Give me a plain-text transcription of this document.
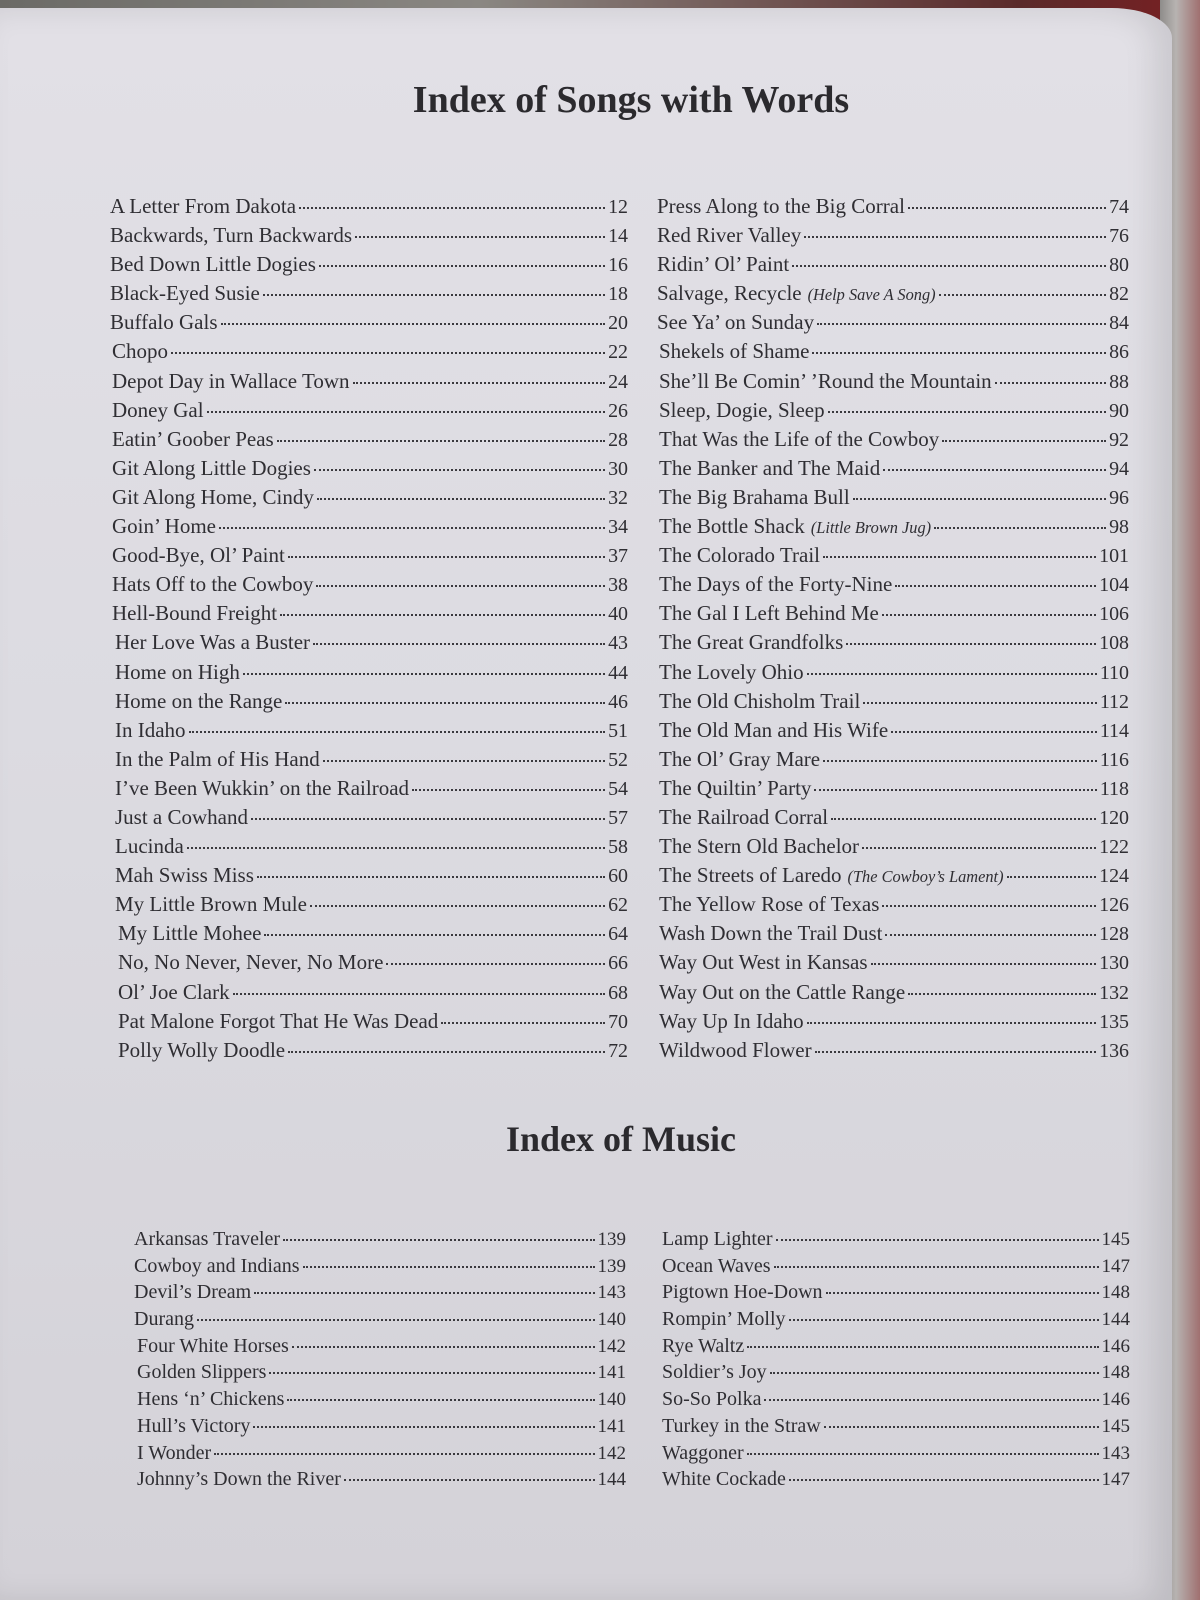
Index of Songs with Words
A Letter From Dakota	12
Backwards, Turn Backwards	14
Bed Down Little Dogies	16
Black-Eyed Susie	18
Buffalo Gals	20
Chopo	22
Depot Day in Wallace Town	24
Doney Gal	26
Eatin’ Goober Peas	28
Git Along Little Dogies	30
Git Along Home, Cindy	32
Goin’ Home	34
Good-Bye, Ol’ Paint	37
Hats Off to the Cowboy	38
Hell-Bound Freight	40
Her Love Was a Buster	43
Home on High	44
Home on the Range	46
In Idaho	51
In the Palm of His Hand	52
I’ve Been Wukkin’ on the Railroad	54
Just a Cowhand	57
Lucinda	58
Mah Swiss Miss	60
My Little Brown Mule	62
My Little Mohee	64
No, No Never, Never, No More	66
Ol’ Joe Clark	68
Pat Malone Forgot That He Was Dead	70
Polly Wolly Doodle	72
Press Along to the Big Corral	74
Red River Valley	76
Ridin’ Ol’ Paint	80
Salvage, Recycle (Help Save A Song)	82
See Ya’ on Sunday	84
Shekels of Shame	86
She’ll Be Comin’ ’Round the Mountain	88
Sleep, Dogie, Sleep	90
That Was the Life of the Cowboy	92
The Banker and The Maid	94
The Big Brahama Bull	96
The Bottle Shack (Little Brown Jug)	98
The Colorado Trail	101
The Days of the Forty-Nine	104
The Gal I Left Behind Me	106
The Great Grandfolks	108
The Lovely Ohio	110
The Old Chisholm Trail	112
The Old Man and His Wife	114
The Ol’ Gray Mare	116
The Quiltin’ Party	118
The Railroad Corral	120
The Stern Old Bachelor	122
The Streets of Laredo (The Cowboy’s Lament)	124
The Yellow Rose of Texas	126
Wash Down the Trail Dust	128
Way Out West in Kansas	130
Way Out on the Cattle Range	132
Way Up In Idaho	135
Wildwood Flower	136
Index of Music
Arkansas Traveler	139
Cowboy and Indians	139
Devil’s Dream	143
Durang	140
Four White Horses	142
Golden Slippers	141
Hens ‘n’ Chickens	140
Hull’s Victory	141
I Wonder	142
Johnny’s Down the River	144
Lamp Lighter	145
Ocean Waves	147
Pigtown Hoe-Down	148
Rompin’ Molly	144
Rye Waltz	146
Soldier’s Joy	148
So-So Polka	146
Turkey in the Straw	145
Waggoner	143
White Cockade	147
